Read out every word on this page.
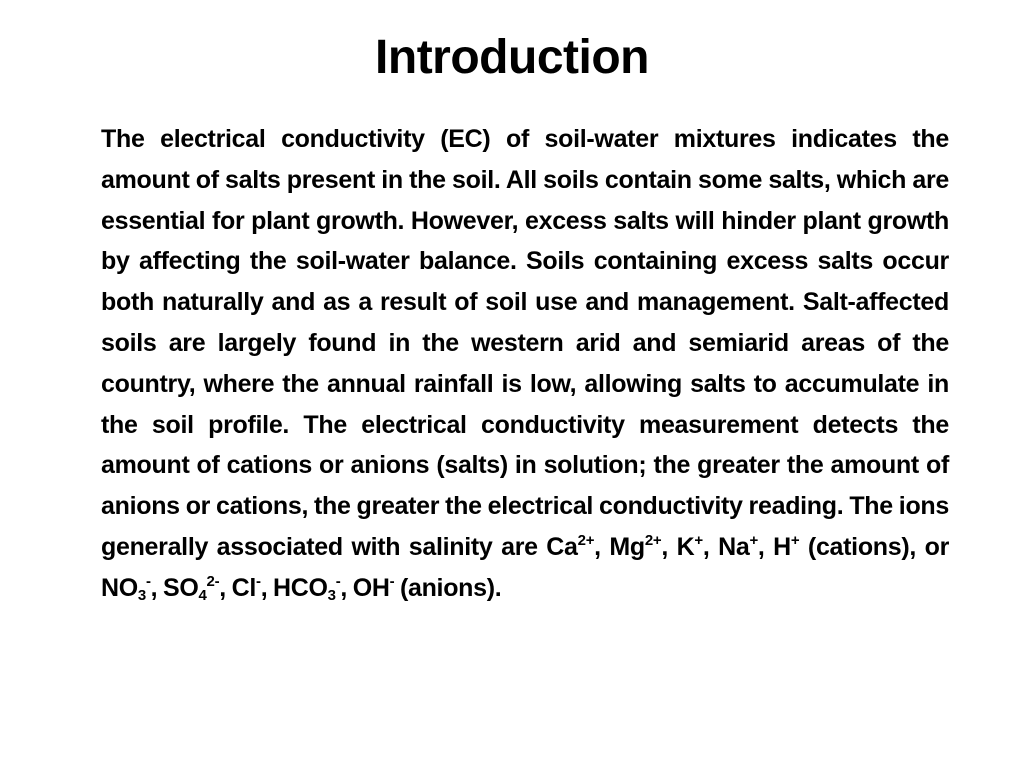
Introduction

The electrical conductivity (EC) of soil-water mixtures indicates the amount of salts present in the soil. All soils contain some salts, which are essential for plant growth. However, excess salts will hinder plant growth by affecting the soil-water balance. Soils containing excess salts occur both naturally and as a result of soil use and management. Salt-affected soils are largely found in the western arid and semiarid areas of the country, where the annual rainfall is low, allowing salts to accumulate in the soil profile. The electrical conductivity measurement detects the amount of cations or anions (salts) in solution; the greater the amount of anions or cations, the greater the electrical conductivity reading. The ions generally associated with salinity are $Ca^{2+}$, $Mg^{2+}$, K+, Na+, H+ (cations), or $NO_3^-$, $SO_4^{2-}$, Cl-, $HCO_3^-$, OH- (anions).
